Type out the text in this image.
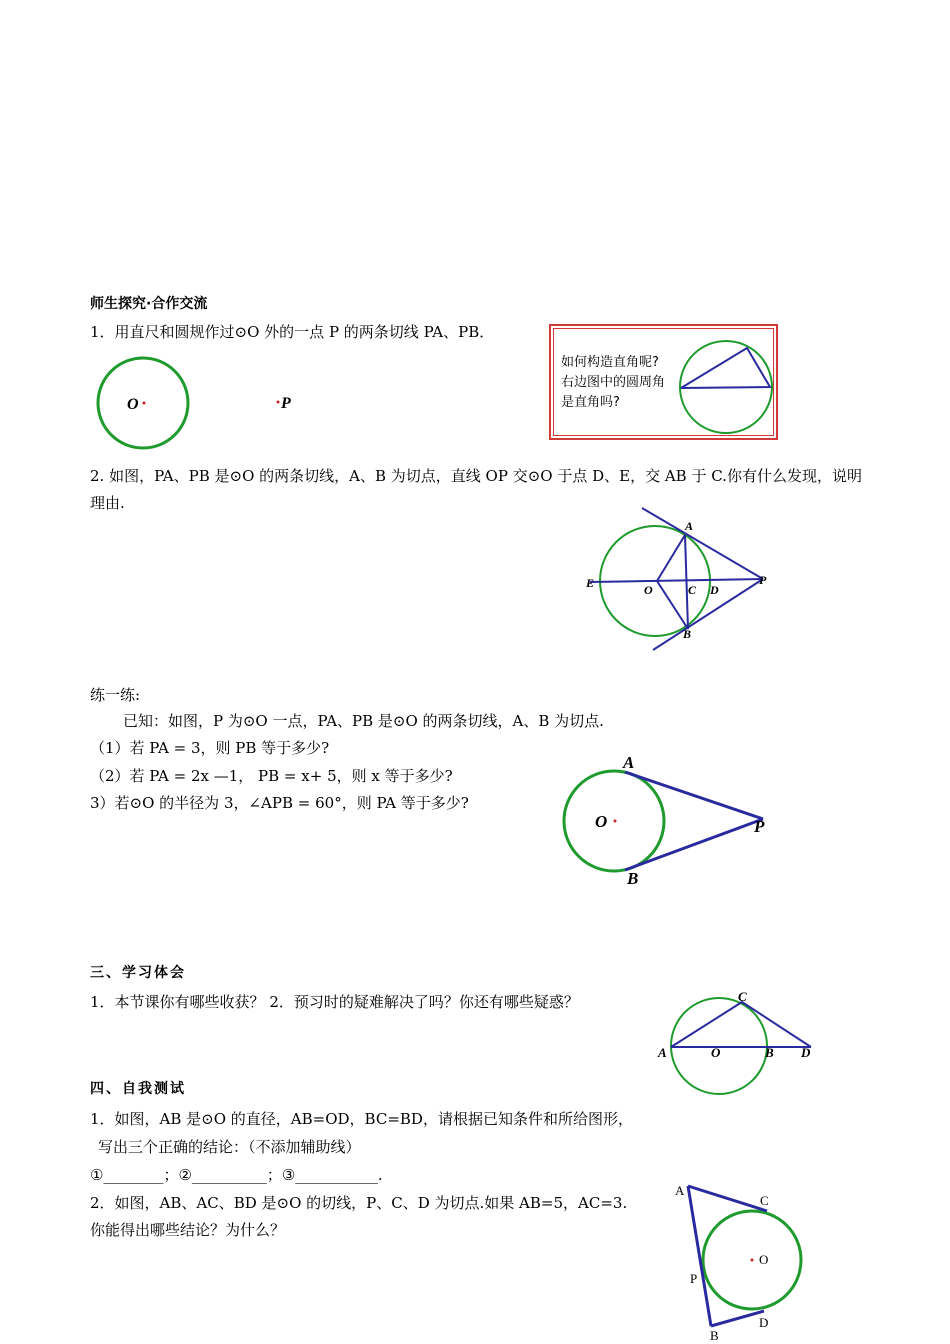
师生探究·合作交流
1．用直尺和圆规作过⊙O 外的一点 P 的两条切线 PA、PB．
O	P
如何构造直角呢?
右边图中的圆周角
是直角吗?
2. 如图，PA、PB 是⊙O 的两条切线，A、B 为切点，直线 OP 交⊙O 于点 D、E，交 AB 于 C.你有什么发现，说明
理由.
A
B
C D
E	O
P
练一练:
已知：如图，P 为⊙O 一点，PA、PB 是⊙O 的两条切线，A、B 为切点.
（1）若 PA = 3，则 PB 等于多少?
（2）若 PA = 2x —1， PB = x+ 5，则 x 等于多少?
3）若⊙O 的半径为 3，∠APB = 60°，则 PA 等于多少?
O
A
B
P
三、学习体会
1．本节课你有哪些收获？ 2．预习时的疑难解决了吗？你还有哪些疑惑？	C
A	O	B D
四、自我测试
1．如图，AB 是⊙O 的直径，AB=OD，BC=BD，请根据已知条件和所给图形，
写出三个正确的结论：（不添加辅助线）
①________；②__________；③___________.
2．如图，AB、AC、BD 是⊙O 的切线，P、C、D 为切点.如果 AB=5，AC=3.
你能得出哪些结论？为什么？
A
C
O
P
B
D
